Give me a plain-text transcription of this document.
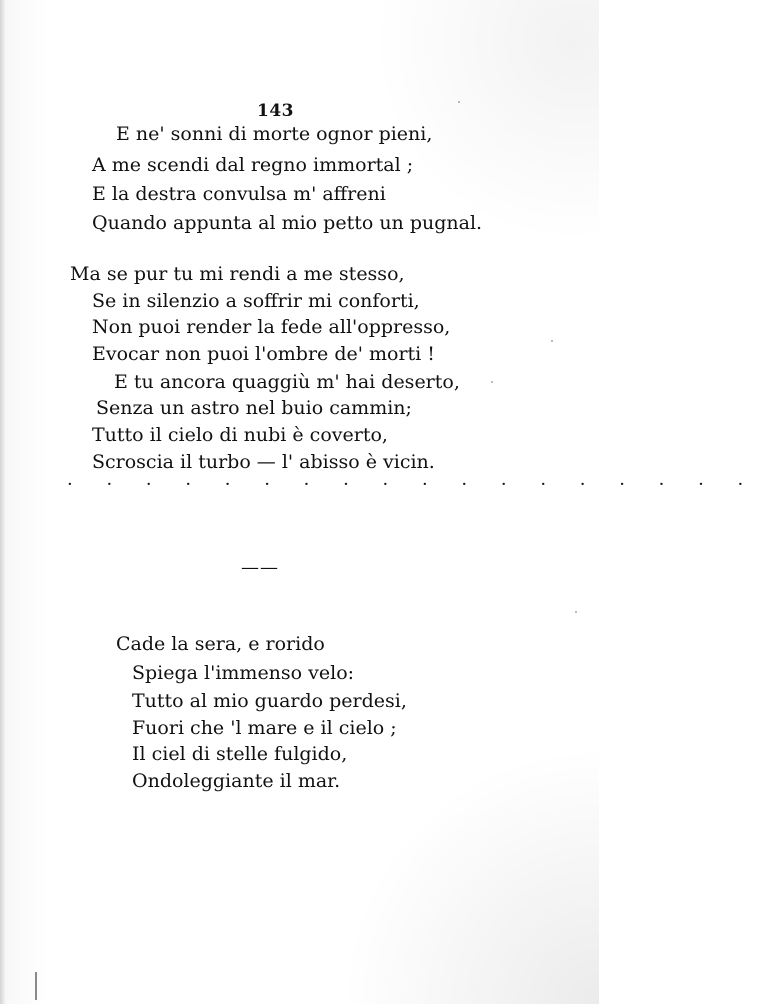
143
E ne' sonni di morte ognor pieni,
A me scendi dal regno immortal ;
E la destra convulsa m' affreni
Quando appunta al mio petto un pugnal.
Ma se pur tu mi rendi a me stesso,
Se in silenzio a soffrir mi conforti,
Non puoi render la fede all'oppresso,
Evocar non puoi l'ombre de' morti !
E tu ancora quaggiù m' hai deserto,
Senza un astro nel buio cammin;
Tutto il cielo di nubi è coverto,
Scroscia il turbo — l' abisso è vicin.
· · · · · · · · · · · · · · · · · ·
——
Cade la sera, e rorido
Spiega l'immenso velo:
Tutto al mio guardo perdesi,
Fuori che 'l mare e il cielo ;
Il ciel di stelle fulgido,
Ondoleggiante il mar.
